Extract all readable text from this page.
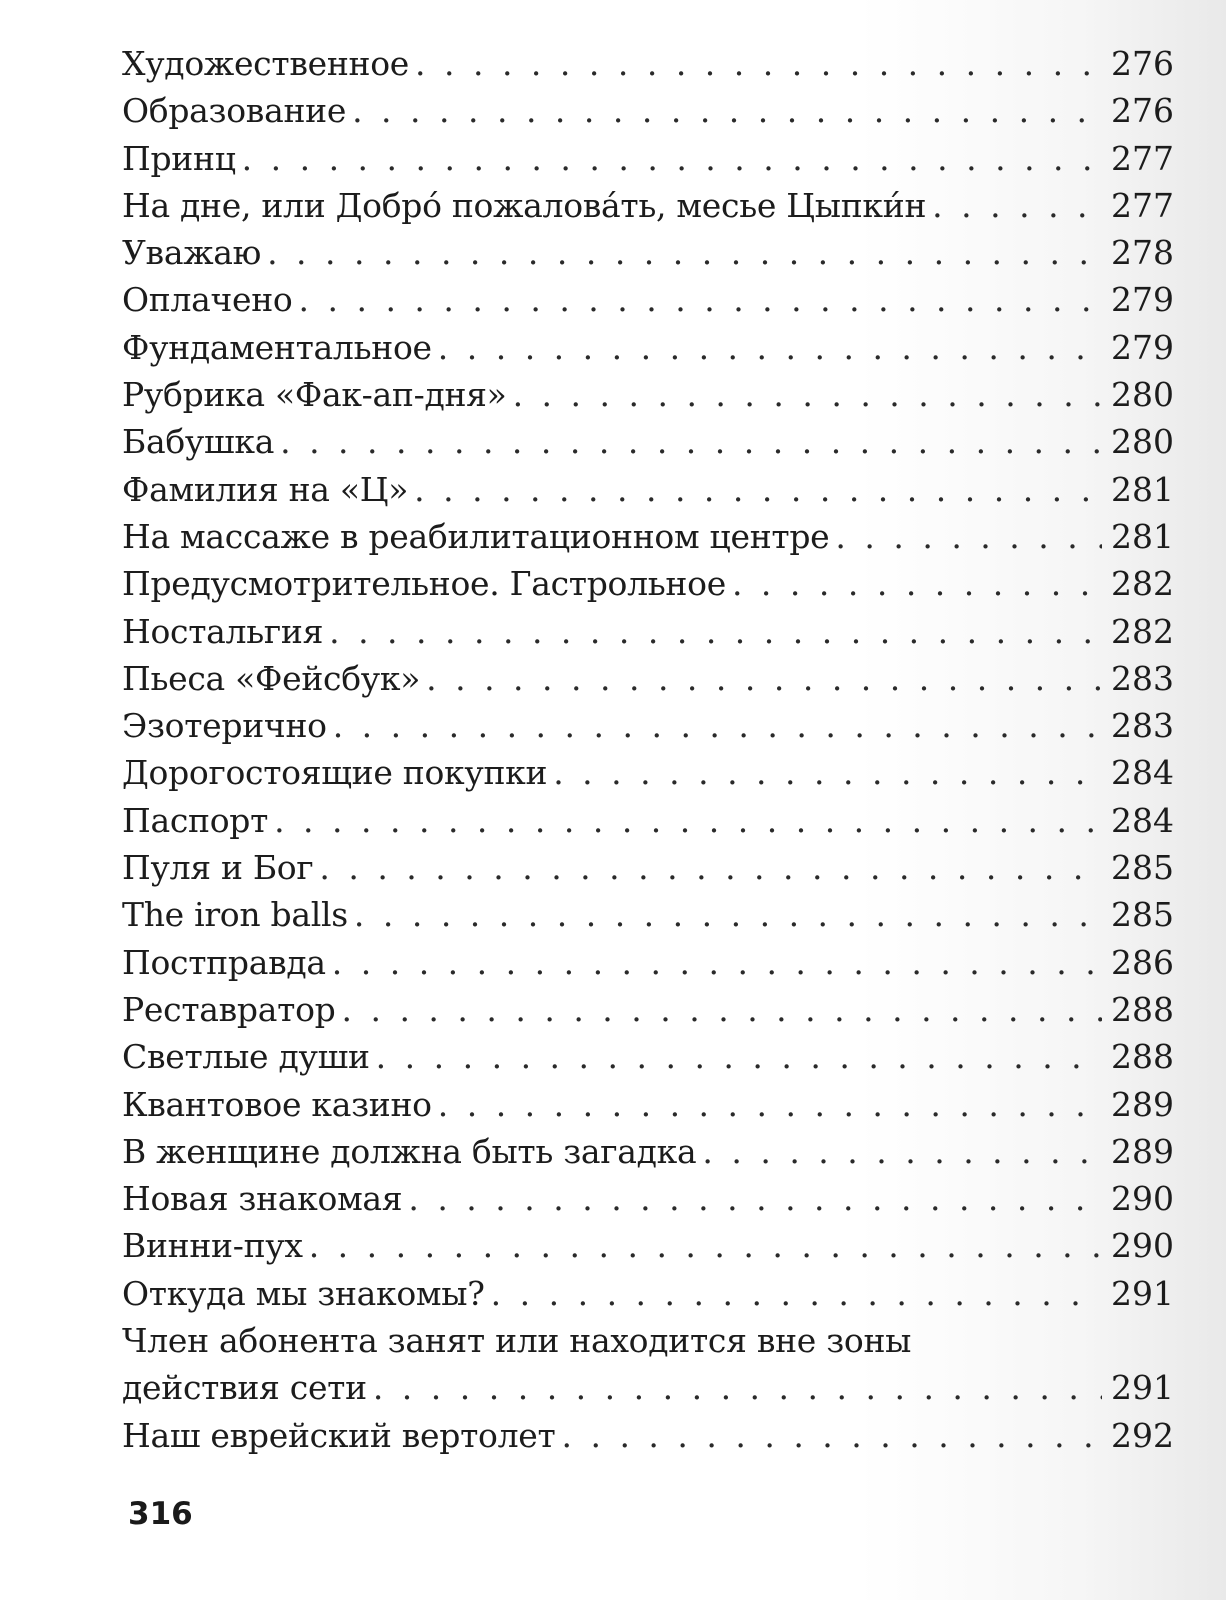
Художественное . . .	276
Образование . . .	276
Принц . . .	277
На дне, или Добро́ пожалова́ть, месье Цыпки́н . . .	277
Уважаю . . .	278
Оплачено . . .	279
Фундаментальное . . .	279
Рубрика «Фак-ап-дня» . . .	280
Бабушка . . .	280
Фамилия на «Ц» . . .	281
На массаже в реабилитационном центре . . .	281
Предусмотрительное. Гастрольное . . .	282
Ностальгия . . .	282
Пьеса «Фейсбук» . . .	283
Эзотерично . . .	283
Дорогостоящие покупки . . .	284
Паспорт . . .	284
Пуля и Бог . . .	285
The iron balls . . .	285
Постправда . . .	286
Реставратор . . .	288
Светлые души . . .	288
Квантовое казино . . .	289
В женщине должна быть загадка . . .	289
Новая знакомая . . .	290
Винни-пух . . .	290
Откуда мы знакомы? . . .	291
Член абонента занят или находится вне зоны
действия сети . . .	291
Наш еврейский вертолет . . .	292
316
